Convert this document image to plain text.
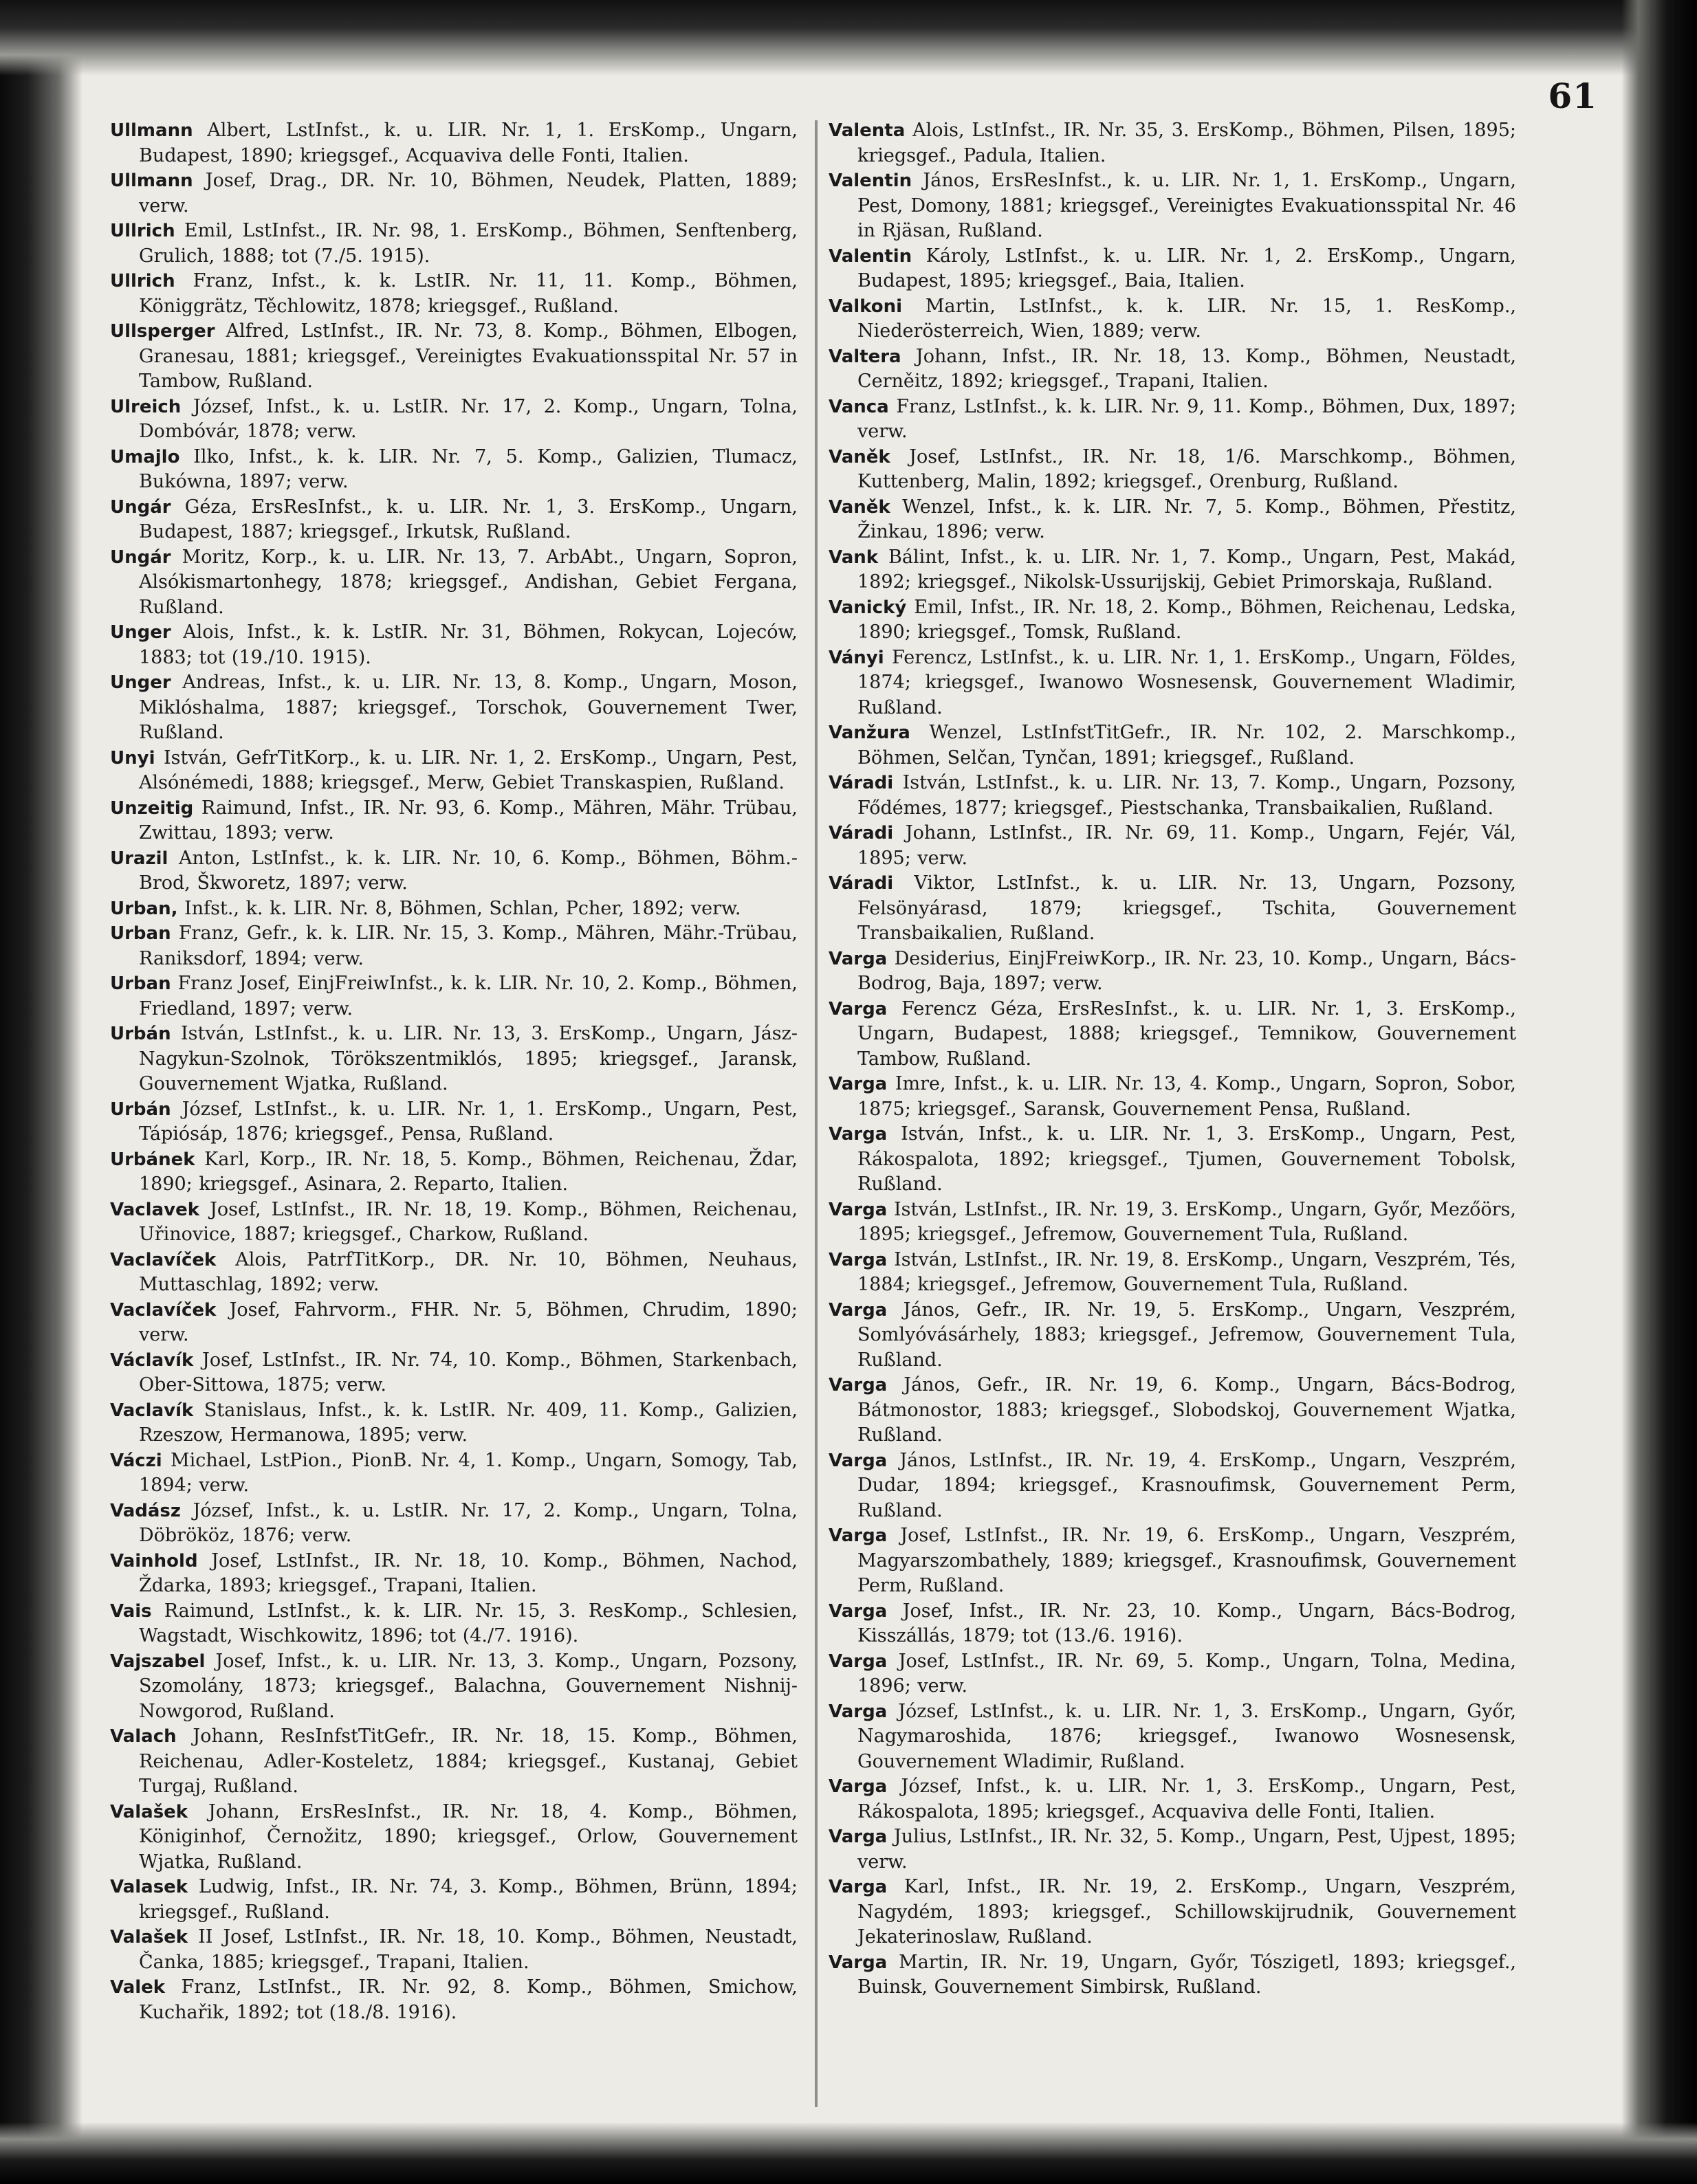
61

Ullmann Albert, LstInfst., k. u. LIR. Nr. 1, 1. ErsKomp., Ungarn, Budapest, 1890; kriegsgef., Acquaviva delle Fonti, Italien.

Ullmann Josef, Drag., DR. Nr. 10, Böhmen, Neudek, Platten, 1889; verw.

Ullrich Emil, LstInfst., IR. Nr. 98, 1. ErsKomp., Böhmen, Senftenberg, Grulich, 1888; tot (7./5. 1915).

Ullrich Franz, Infst., k. k. LstIR. Nr. 11, 11. Komp., Böhmen, Königgrätz, Těchlowitz, 1878; kriegsgef., Rußland.

Ullsperger Alfred, LstInfst., IR. Nr. 73, 8. Komp., Böhmen, Elbogen, Granesau, 1881; kriegsgef., Vereinigtes Evakuationsspital Nr. 57 in Tambow, Rußland.

Ulreich József, Infst., k. u. LstIR. Nr. 17, 2. Komp., Ungarn, Tolna, Dombóvár, 1878; verw.

Umajlo Ilko, Infst., k. k. LIR. Nr. 7, 5. Komp., Galizien, Tlumacz, Bukówna, 1897; verw.

Ungár Géza, ErsResInfst., k. u. LIR. Nr. 1, 3. ErsKomp., Ungarn, Budapest, 1887; kriegsgef., Irkutsk, Rußland.

Ungár Moritz, Korp., k. u. LIR. Nr. 13, 7. ArbAbt., Ungarn, Sopron, Alsókismartonhegy, 1878; kriegsgef., Andishan, Gebiet Fergana, Rußland.

Unger Alois, Infst., k. k. LstIR. Nr. 31, Böhmen, Rokycan, Lojeców, 1883; tot (19./10. 1915).

Unger Andreas, Infst., k. u. LIR. Nr. 13, 8. Komp., Ungarn, Moson, Miklóshalma, 1887; kriegsgef., Torschok, Gouvernement Twer, Rußland.

Unyi István, GefrTitKorp., k. u. LIR. Nr. 1, 2. ErsKomp., Ungarn, Pest, Alsónémedi, 1888; kriegsgef., Merw, Gebiet Transkaspien, Rußland.

Unzeitig Raimund, Infst., IR. Nr. 93, 6. Komp., Mähren, Mähr. Trübau, Zwittau, 1893; verw.

Urazil Anton, LstInfst., k. k. LIR. Nr. 10, 6. Komp., Böhmen, Böhm.-Brod, Škworetz, 1897; verw.

Urban, Infst., k. k. LIR. Nr. 8, Böhmen, Schlan, Pcher, 1892; verw.

Urban Franz, Gefr., k. k. LIR. Nr. 15, 3. Komp., Mähren, Mähr.-Trübau, Raniksdorf, 1894; verw.

Urban Franz Josef, EinjFreiwInfst., k. k. LIR. Nr. 10, 2. Komp., Böhmen, Friedland, 1897; verw.

Urbán István, LstInfst., k. u. LIR. Nr. 13, 3. ErsKomp., Ungarn, Jász-Nagykun-Szolnok, Törökszentmiklós, 1895; kriegsgef., Jaransk, Gouvernement Wjatka, Rußland.

Urbán József, LstInfst., k. u. LIR. Nr. 1, 1. ErsKomp., Ungarn, Pest, Tápiósáp, 1876; kriegsgef., Pensa, Rußland.

Urbánek Karl, Korp., IR. Nr. 18, 5. Komp., Böhmen, Reichenau, Ždar, 1890; kriegsgef., Asinara, 2. Reparto, Italien.

Vaclavek Josef, LstInfst., IR. Nr. 18, 19. Komp., Böhmen, Reichenau, Uřinovice, 1887; kriegsgef., Charkow, Rußland.

Vaclavíček Alois, PatrfTitKorp., DR. Nr. 10, Böhmen, Neuhaus, Muttaschlag, 1892; verw.

Vaclavíček Josef, Fahrvorm., FHR. Nr. 5, Böhmen, Chrudim, 1890; verw.

Václavík Josef, LstInfst., IR. Nr. 74, 10. Komp., Böhmen, Starkenbach, Ober-Sittowa, 1875; verw.

Vaclavík Stanislaus, Infst., k. k. LstIR. Nr. 409, 11. Komp., Galizien, Rzeszow, Hermanowa, 1895; verw.

Váczi Michael, LstPion., PionB. Nr. 4, 1. Komp., Ungarn, Somogy, Tab, 1894; verw.

Vadász József, Infst., k. u. LstIR. Nr. 17, 2. Komp., Ungarn, Tolna, Döbrököz, 1876; verw.

Vainhold Josef, LstInfst., IR. Nr. 18, 10. Komp., Böhmen, Nachod, Ždarka, 1893; kriegsgef., Trapani, Italien.

Vais Raimund, LstInfst., k. k. LIR. Nr. 15, 3. ResKomp., Schlesien, Wagstadt, Wischkowitz, 1896; tot (4./7. 1916).

Vajszabel Josef, Infst., k. u. LIR. Nr. 13, 3. Komp., Ungarn, Pozsony, Szomolány, 1873; kriegsgef., Balachna, Gouvernement Nishnij-Nowgorod, Rußland.

Valach Johann, ResInfstTitGefr., IR. Nr. 18, 15. Komp., Böhmen, Reichenau, Adler-Kosteletz, 1884; kriegsgef., Kustanaj, Gebiet Turgaj, Rußland.

Valašek Johann, ErsResInfst., IR. Nr. 18, 4. Komp., Böhmen, Königinhof, Černožitz, 1890; kriegsgef., Orlow, Gouvernement Wjatka, Rußland.

Valasek Ludwig, Infst., IR. Nr. 74, 3. Komp., Böhmen, Brünn, 1894; kriegsgef., Rußland.

Valašek II Josef, LstInfst., IR. Nr. 18, 10. Komp., Böhmen, Neustadt, Čanka, 1885; kriegsgef., Trapani, Italien.

Valek Franz, LstInfst., IR. Nr. 92, 8. Komp., Böhmen, Smichow, Kuchařik, 1892; tot (18./8. 1916).

Valenta Alois, LstInfst., IR. Nr. 35, 3. ErsKomp., Böhmen, Pilsen, 1895; kriegsgef., Padula, Italien.

Valentin János, ErsResInfst., k. u. LIR. Nr. 1, 1. ErsKomp., Ungarn, Pest, Domony, 1881; kriegsgef., Vereinigtes Evakuationsspital Nr. 46 in Rjäsan, Rußland.

Valentin Károly, LstInfst., k. u. LIR. Nr. 1, 2. ErsKomp., Ungarn, Budapest, 1895; kriegsgef., Baia, Italien.

Valkoni Martin, LstInfst., k. k. LIR. Nr. 15, 1. ResKomp., Niederösterreich, Wien, 1889; verw.

Valtera Johann, Infst., IR. Nr. 18, 13. Komp., Böhmen, Neustadt, Cerněitz, 1892; kriegsgef., Trapani, Italien.

Vanca Franz, LstInfst., k. k. LIR. Nr. 9, 11. Komp., Böhmen, Dux, 1897; verw.

Vaněk Josef, LstInfst., IR. Nr. 18, 1/6. Marschkomp., Böhmen, Kuttenberg, Malin, 1892; kriegsgef., Orenburg, Rußland.

Vaněk Wenzel, Infst., k. k. LIR. Nr. 7, 5. Komp., Böhmen, Přestitz, Žinkau, 1896; verw.

Vank Bálint, Infst., k. u. LIR. Nr. 1, 7. Komp., Ungarn, Pest, Makád, 1892; kriegsgef., Nikolsk-Ussurijskij, Gebiet Primorskaja, Rußland.

Vanický Emil, Infst., IR. Nr. 18, 2. Komp., Böhmen, Reichenau, Ledska, 1890; kriegsgef., Tomsk, Rußland.

Ványi Ferencz, LstInfst., k. u. LIR. Nr. 1, 1. ErsKomp., Ungarn, Földes, 1874; kriegsgef., Iwanowo Wosnesensk, Gouvernement Wladimir, Rußland.

Vanžura Wenzel, LstInfstTitGefr., IR. Nr. 102, 2. Marschkomp., Böhmen, Selčan, Tynčan, 1891; kriegsgef., Rußland.

Váradi István, LstInfst., k. u. LIR. Nr. 13, 7. Komp., Ungarn, Pozsony, Fődémes, 1877; kriegsgef., Piestschanka, Transbaikalien, Rußland.

Váradi Johann, LstInfst., IR. Nr. 69, 11. Komp., Ungarn, Fejér, Vál, 1895; verw.

Váradi Viktor, LstInfst., k. u. LIR. Nr. 13, Ungarn, Pozsony, Felsönyárasd, 1879; kriegsgef., Tschita, Gouvernement Transbaikalien, Rußland.

Varga Desiderius, EinjFreiwKorp., IR. Nr. 23, 10. Komp., Ungarn, Bács-Bodrog, Baja, 1897; verw.

Varga Ferencz Géza, ErsResInfst., k. u. LIR. Nr. 1, 3. ErsKomp., Ungarn, Budapest, 1888; kriegsgef., Temnikow, Gouvernement Tambow, Rußland.

Varga Imre, Infst., k. u. LIR. Nr. 13, 4. Komp., Ungarn, Sopron, Sobor, 1875; kriegsgef., Saransk, Gouvernement Pensa, Rußland.

Varga István, Infst., k. u. LIR. Nr. 1, 3. ErsKomp., Ungarn, Pest, Rákospalota, 1892; kriegsgef., Tjumen, Gouvernement Tobolsk, Rußland.

Varga István, LstInfst., IR. Nr. 19, 3. ErsKomp., Ungarn, Győr, Mezőörs, 1895; kriegsgef., Jefremow, Gouvernement Tula, Rußland.

Varga István, LstInfst., IR. Nr. 19, 8. ErsKomp., Ungarn, Veszprém, Tés, 1884; kriegsgef., Jefremow, Gouvernement Tula, Rußland.

Varga János, Gefr., IR. Nr. 19, 5. ErsKomp., Ungarn, Veszprém, Somlyóvásárhely, 1883; kriegsgef., Jefremow, Gouvernement Tula, Rußland.

Varga János, Gefr., IR. Nr. 19, 6. Komp., Ungarn, Bács-Bodrog, Bátmonostor, 1883; kriegsgef., Slobodskoj, Gouvernement Wjatka, Rußland.

Varga János, LstInfst., IR. Nr. 19, 4. ErsKomp., Ungarn, Veszprém, Dudar, 1894; kriegsgef., Krasnoufimsk, Gouvernement Perm, Rußland.

Varga Josef, LstInfst., IR. Nr. 19, 6. ErsKomp., Ungarn, Veszprém, Magyarszombathely, 1889; kriegsgef., Krasnoufimsk, Gouvernement Perm, Rußland.

Varga Josef, Infst., IR. Nr. 23, 10. Komp., Ungarn, Bács-Bodrog, Kisszállás, 1879; tot (13./6. 1916).

Varga Josef, LstInfst., IR. Nr. 69, 5. Komp., Ungarn, Tolna, Medina, 1896; verw.

Varga József, LstInfst., k. u. LIR. Nr. 1, 3. ErsKomp., Ungarn, Győr, Nagymaroshida, 1876; kriegsgef., Iwanowo Wosnesensk, Gouvernement Wladimir, Rußland.

Varga József, Infst., k. u. LIR. Nr. 1, 3. ErsKomp., Ungarn, Pest, Rákospalota, 1895; kriegsgef., Acquaviva delle Fonti, Italien.

Varga Julius, LstInfst., IR. Nr. 32, 5. Komp., Ungarn, Pest, Ujpest, 1895; verw.

Varga Karl, Infst., IR. Nr. 19, 2. ErsKomp., Ungarn, Veszprém, Nagydém, 1893; kriegsgef., Schillowskijrudnik, Gouvernement Jekaterinoslaw, Rußland.

Varga Martin, IR. Nr. 19, Ungarn, Győr, Tószigetl, 1893; kriegsgef., Buinsk, Gouvernement Simbirsk, Rußland.
